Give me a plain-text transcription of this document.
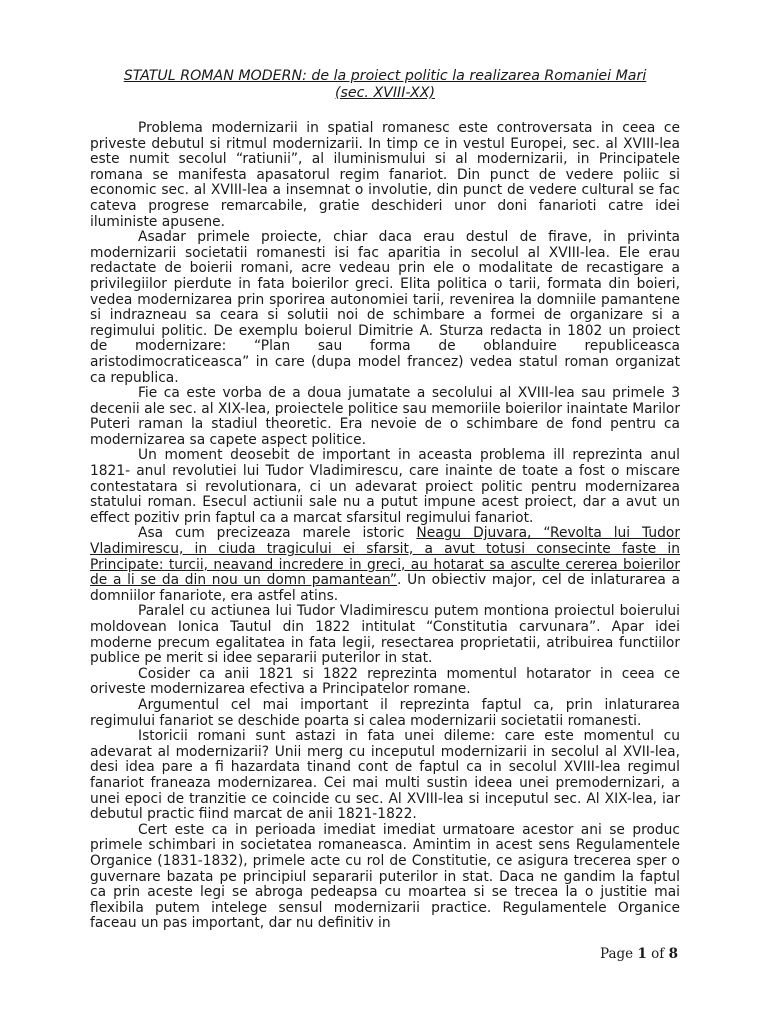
STATUL ROMAN MODERN: de la proiect politic la realizarea Romaniei Mari
(sec. XVIII-XX)

Problema modernizarii in spatial romanesc este controversata in ceea ce priveste debutul si ritmul modernizarii. In timp ce in vestul Europei, sec. al XVIII-lea este numit secolul “ratiunii”, al iluminismului si al modernizarii, in Principatele romana se manifesta apasatorul regim fanariot. Din punct de vedere poliic si economic sec. al XVIII-lea a insemnat o involutie, din punct de vedere cultural se fac cateva progrese remarcabile, gratie deschideri unor doni fanarioti catre idei iluministe apusene.

Asadar primele proiecte, chiar daca erau destul de firave, in privinta modernizarii societatii romanesti isi fac aparitia in secolul al XVIII-lea. Ele erau redactate de boierii romani, acre vedeau prin ele o modalitate de recastigare a privilegiilor pierdute in fata boierilor greci. Elita politica o tarii, formata din boieri, vedea modernizarea prin sporirea autonomiei tarii, revenirea la domniile pamantene si indrazneau sa ceara si solutii noi de schimbare a formei de organizare si a regimului politic. De exemplu boierul Dimitrie A. Sturza redacta in 1802 un proiect de modernizare: “Plan sau forma de oblanduire republiceasca aristodimocraticeasca” in care (dupa model francez) vedea statul roman organizat ca republica.

Fie ca este vorba de a doua jumatate a secolului al XVIII-lea sau primele 3 decenii ale sec. al XIX-lea, proiectele politice sau memoriile boierilor inaintate Marilor Puteri raman la stadiul theoretic. Era nevoie de o schimbare de fond pentru ca modernizarea sa capete aspect politice.

Un moment deosebit de important in aceasta problema ill reprezinta anul 1821- anul revolutiei lui Tudor Vladimirescu, care inainte de toate a fost o miscare contestatara si revolutionara, ci un adevarat proiect politic pentru modernizarea statului roman. Esecul actiunii sale nu a putut impune acest proiect, dar a avut un effect pozitiv prin faptul ca a marcat sfarsitul regimului fanariot.

Asa cum precizeaza marele istoric Neagu Djuvara, “Revolta lui Tudor Vladimirescu, in ciuda tragicului ei sfarsit, a avut totusi consecinte faste in Principate: turcii, neavand incredere in greci, au hotarat sa asculte cererea boierilor de a li se da din nou un domn pamantean”. Un obiectiv major, cel de inlaturarea a domniilor fanariote, era astfel atins.

Paralel cu actiunea lui Tudor Vladimirescu putem montiona proiectul boierului moldovean Ionica Tautul din 1822 intitulat “Constitutia carvunara”. Apar idei moderne precum egalitatea in fata legii, resectarea proprietatii, atribuirea functiilor publice pe merit si idee separarii puterilor in stat.

Cosider ca anii 1821 si 1822 reprezinta momentul hotarator in ceea ce oriveste modernizarea efectiva a Principatelor romane.

Argumentul cel mai important il reprezinta faptul ca, prin inlaturarea regimului fanariot se deschide poarta si calea modernizarii societatii romanesti.

Istoricii romani sunt astazi in fata unei dileme: care este momentul cu adevarat al modernizarii? Unii merg cu inceputul modernizarii in secolul al XVII-lea, desi idea pare a fi hazardata tinand cont de faptul ca in secolul XVIII-lea regimul fanariot franeaza modernizarea. Cei mai multi sustin ideea unei premodernizari, a unei epoci de tranzitie ce coincide cu sec. Al XVIII-lea si inceputul sec. Al XIX-lea, iar debutul practic fiind marcat de anii 1821-1822.

Cert este ca in perioada imediat imediat urmatoare acestor ani se produc primele schimbari in societatea romaneasca. Amintim in acest sens Regulamentele Organice (1831-1832), primele acte cu rol de Constitutie, ce asigura trecerea sper o guvernare bazata pe principiul separarii puterilor in stat. Daca ne gandim la faptul ca prin aceste legi se abroga pedeapsa cu moartea si se trecea la o justitie mai flexibila putem intelege sensul modernizarii practice. Regulamentele Organice faceau un pas important, dar nu definitiv in

Page 1 of 8
